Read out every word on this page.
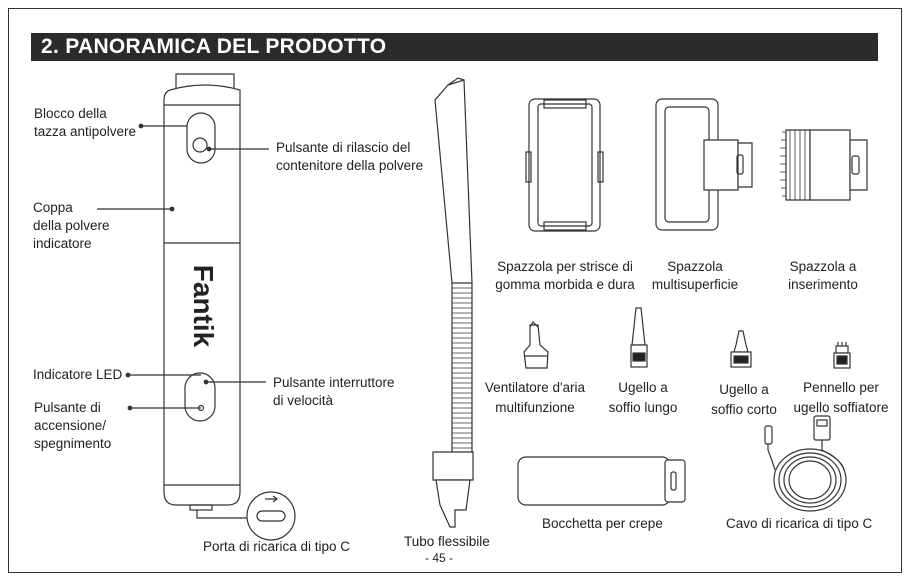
2. PANORAMICA DEL PRODOTTO
Fantik
Blocco della
tazza antipolvere
Pulsante di rilascio del
contenitore della polvere
Coppa
della polvere
indicatore
Indicatore LED
Pulsante interruttore
di velocità
Pulsante di
accensione/
spegnimento
Porta di ricarica di tipo C	Tubo flessibile
Spazzola per strisce di
gomma morbida e dura
Spazzola
multisuperficie
Spazzola a
inserimento
Ventilatore d'aria
multifunzione
Ugello a
soffio lungo
Ugello a
soffio corto
Pennello per
ugello soffiatore
Bocchetta per crepe	Cavo di ricarica di tipo C
- 45 -
